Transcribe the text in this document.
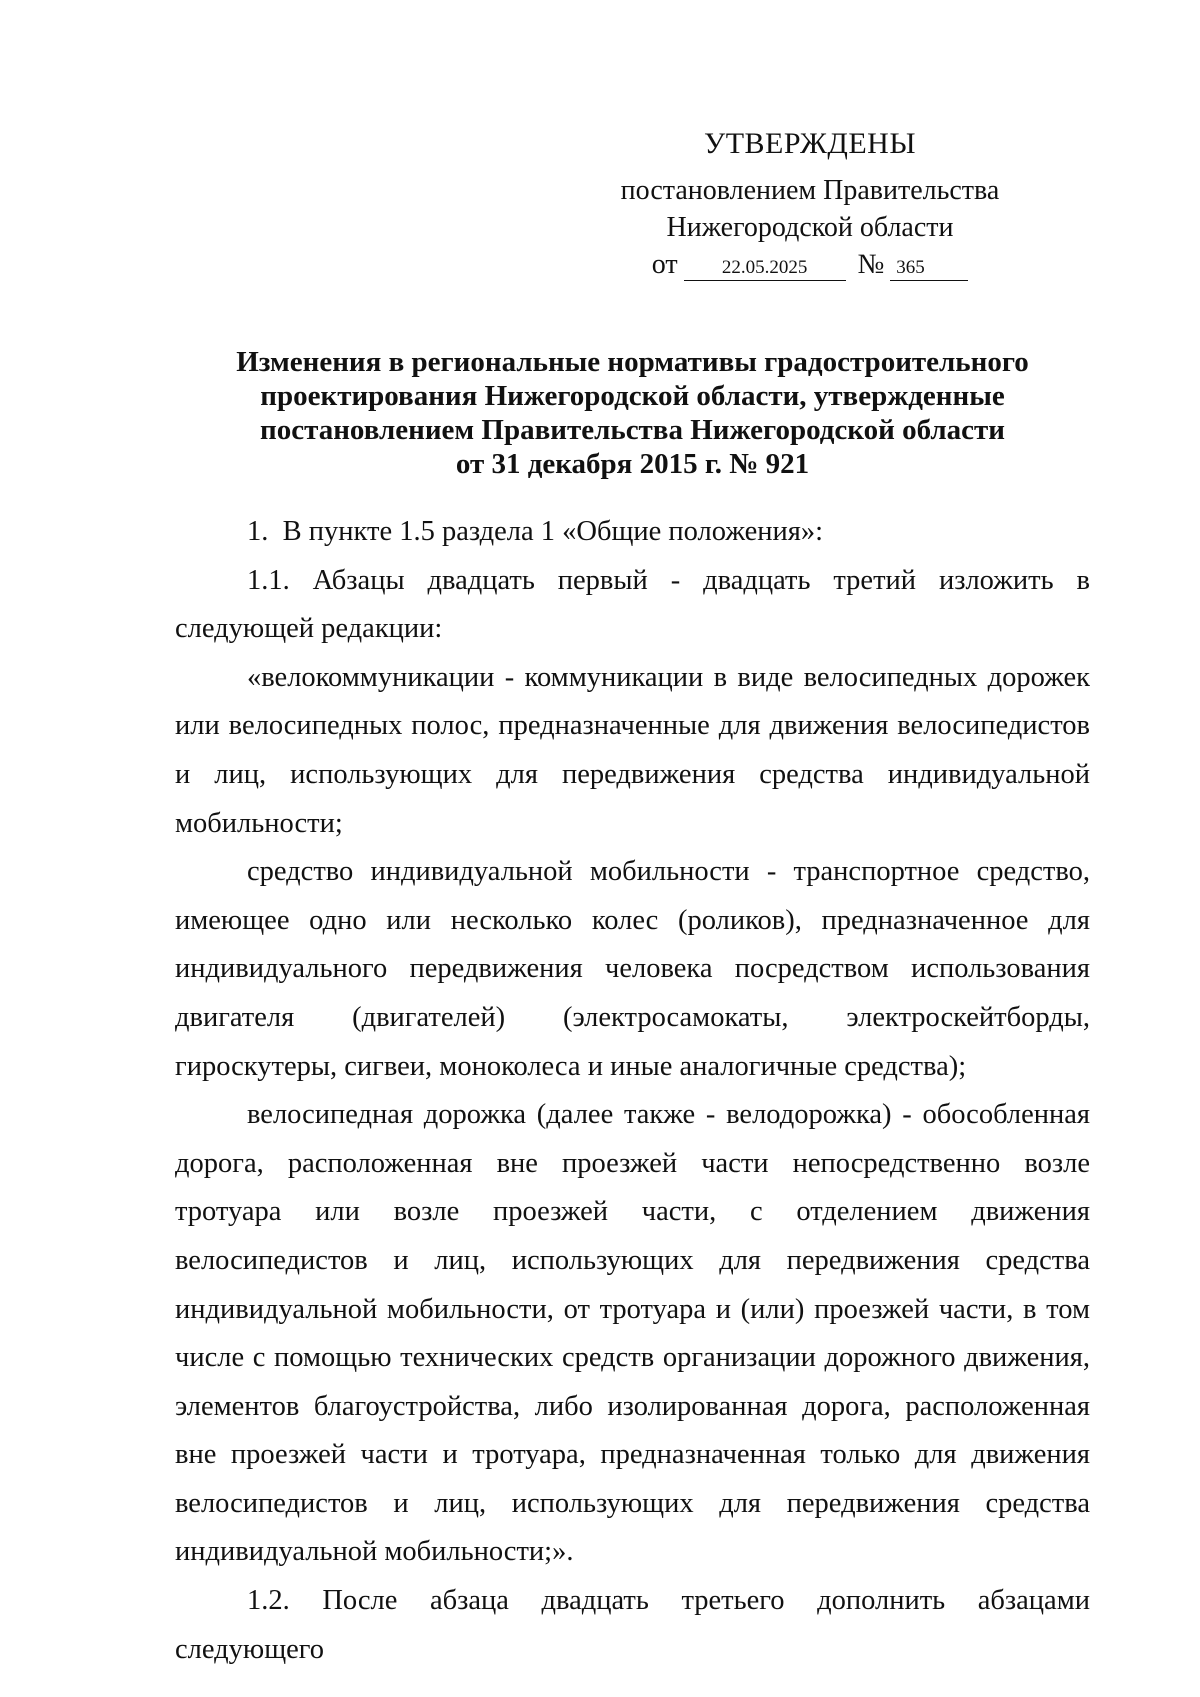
УТВЕРЖДЕНЫ
постановлением Правительства
Нижегородской области
от 22.05.2025 № 365
Изменения в региональные нормативы градостроительного
проектирования Нижегородской области, утвержденные
постановлением Правительства Нижегородской области
от 31 декабря 2015 г. № 921

1.  В пункте 1.5 раздела 1 «Общие положения»:

1.1. Абзацы двадцать первый - двадцать третий изложить в следующей редакции:

«велокоммуникации - коммуникации в виде велосипедных дорожек или велосипедных полос, предназначенные для движения велосипедистов и лиц, использующих для передвижения средства индивидуальной мобильности;

средство индивидуальной мобильности - транспортное средство, имеющее одно или несколько колес (роликов), предназначенное для индивидуального передвижения человека посредством использования двигателя (двигателей) (электросамокаты, электроскейтборды, гироскутеры, сигвеи, моноколеса и иные аналогичные средства);

велосипедная дорожка (далее также - велодорожка) - обособленная дорога, расположенная вне проезжей части непосредственно возле тротуара или возле проезжей части, с отделением движения велосипедистов и лиц, использующих для передвижения средства индивидуальной мобильности, от тротуара и (или) проезжей части, в том числе с помощью технических средств организации дорожного движения, элементов благоустройства, либо изолированная дорога, расположенная вне проезжей части и тротуара, предназначенная только для движения велосипедистов и лиц, использующих для передвижения средства индивидуальной мобильности;».

1.2. После абзаца двадцать третьего дополнить абзацами следующего
